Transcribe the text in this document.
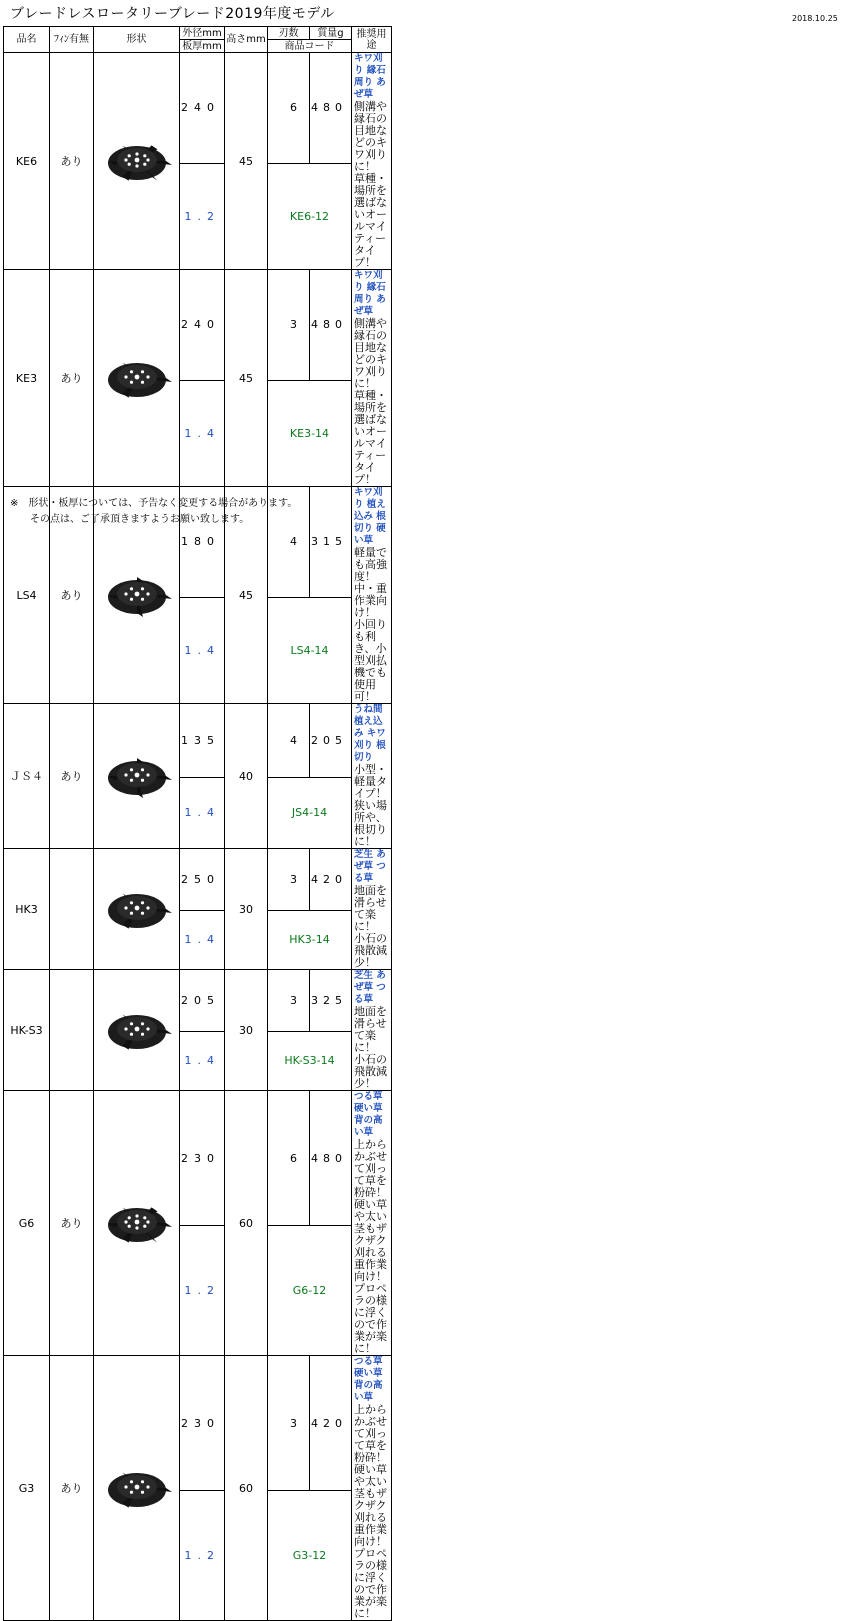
ブレードレスロータリーブレード2019年度モデル	2018.10.25
品名	ﾌｨﾝ有無	形状	外径mm	高さmm	刃数	質量g	推奨用途
			板厚mm		商品コード		
KE6	あり		240	45	6	480	キワ刈り 縁石周り あぜ草
側溝や縁石の目地などのキワ刈りに！
草種・場所を選ばないオールマイティータイプ！

			1.2		KE6-12		
KE3	あり		240	45	3	480	キワ刈り 縁石周り あぜ草
側溝や縁石の目地などのキワ刈りに！
草種・場所を選ばないオールマイティータイプ！

			1.4		KE3-14		
LS4	あり		180	45	4	315	キワ刈り 植え込み 根切り 硬い草
軽量でも高強度！中・重作業向け！
小回りも利き、小型刈払機でも使用可！

			1.4		LS4-14		
ＪＳ４	あり		135	40	4	205	うね間 植え込み キワ刈り 根切り
小型・軽量タイプ！
狭い場所や、根切りに！

			1.4		JS4-14		
HK3			250	30	3	420	芝生 あぜ草 つる草
地面を滑らせて楽に！
小石の飛散減少！

			1.4		HK3-14		
HK-S3			205	30	3	325	芝生 あぜ草 つる草
地面を滑らせて楽に！
小石の飛散減少！

			1.4		HK-S3-14		
G6	あり		230	60	6	480	つる草 硬い草 背の高い草
上からかぶせて刈って草を粉砕！
硬い草や太い茎もザクザク刈れる重作業向け！
プロペラの様に浮くので作業が楽に！

			1.2		G6-12		
G3	あり		230	60	3	420	つる草 硬い草 背の高い草
上からかぶせて刈って草を粉砕！
硬い草や太い茎もザクザク刈れる重作業向け！
プロペラの様に浮くので作業が楽に！

			1.2		G3-12		
※　形状・板厚については、予告なく変更する場合があります。
　　その点は、ご了承頂きますようお願い致します。
